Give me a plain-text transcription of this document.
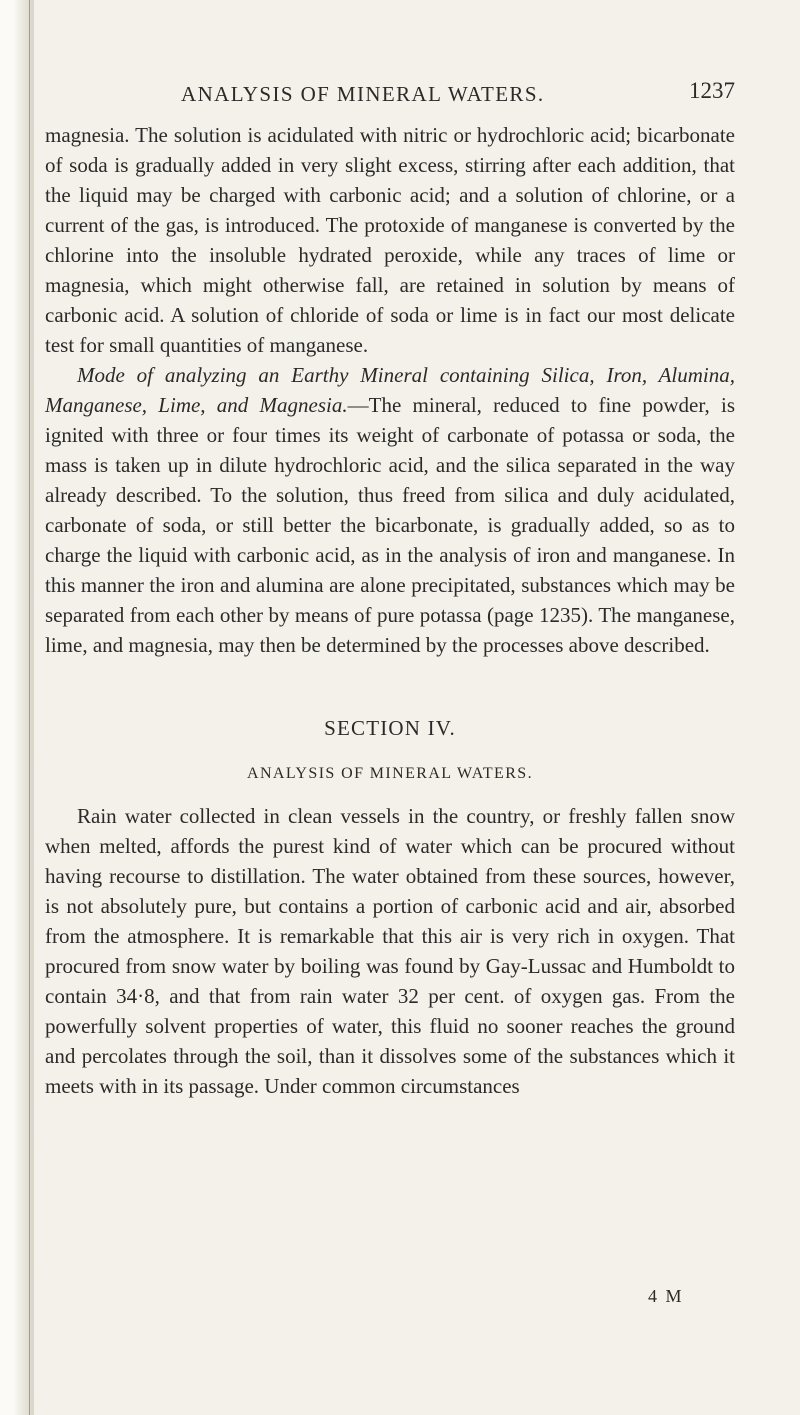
ANALYSIS OF MINERAL WATERS.	1237

magnesia. The solution is acidulated with nitric or hydrochloric acid; bicarbonate of soda is gradually added in very slight excess, stirring after each addition, that the liquid may be charged with carbonic acid; and a solution of chlorine, or a current of the gas, is introduced. The protoxide of manganese is converted by the chlorine into the insoluble hydrated peroxide, while any traces of lime or magnesia, which might otherwise fall, are retained in solution by means of carbonic acid. A solution of chloride of soda or lime is in fact our most delicate test for small quantities of manganese.

Mode of analyzing an Earthy Mineral containing Silica, Iron, Alumina, Manganese, Lime, and Magnesia.—The mineral, reduced to fine powder, is ignited with three or four times its weight of carbonate of potassa or soda, the mass is taken up in dilute hydrochloric acid, and the silica separated in the way already described. To the solution, thus freed from silica and duly acidulated, carbonate of soda, or still better the bicarbonate, is gradually added, so as to charge the liquid with carbonic acid, as in the analysis of iron and manganese. In this manner the iron and alumina are alone precipitated, substances which may be separated from each other by means of pure potassa (page 1235). The manganese, lime, and magnesia, may then be determined by the processes above described.

SECTION IV.
ANALYSIS OF MINERAL WATERS.

Rain water collected in clean vessels in the country, or freshly fallen snow when melted, affords the purest kind of water which can be procured without having recourse to distillation. The water obtained from these sources, however, is not absolutely pure, but contains a portion of carbonic acid and air, absorbed from the atmosphere. It is remarkable that this air is very rich in oxygen. That procured from snow water by boiling was found by Gay-Lussac and Humboldt to contain 34·8, and that from rain water 32 per cent. of oxygen gas. From the powerfully solvent properties of water, this fluid no sooner reaches the ground and percolates through the soil, than it dissolves some of the substances which it meets with in its passage. Under common circumstances

4 M
